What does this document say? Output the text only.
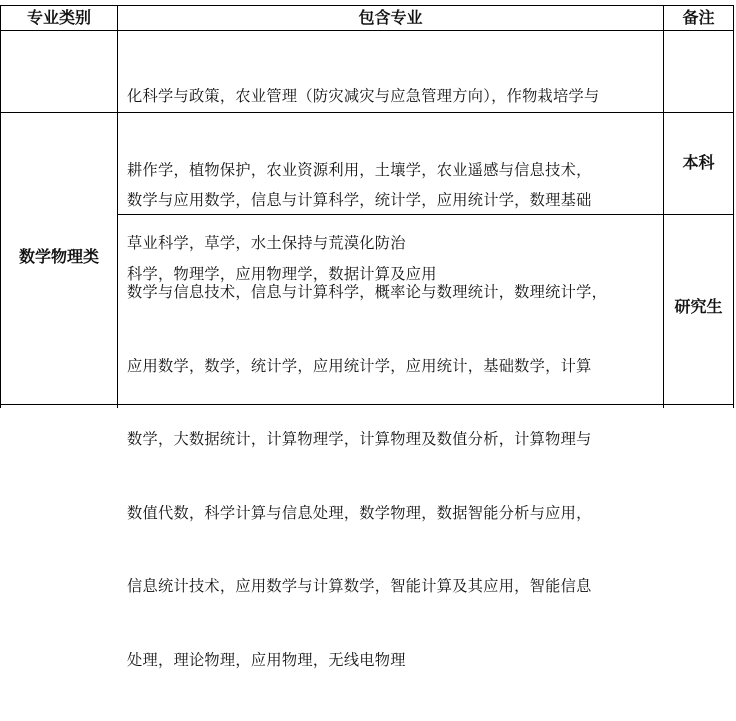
专业类别	包含专业	备注

化科学与政策，农业管理（防灾减灾与应急管理方向），作物栽培学与

耕作学，植物保护，农业资源利用，土壤学，农业遥感与信息技术，

草业科学，草学，水土保持与荒漠化防治

数学物理类

数学与应用数学，信息与计算科学，统计学，应用统计学，数理基础

科学，物理学，应用物理学，数据计算及应用

本科

数学与信息技术，信息与计算科学，概率论与数理统计，数理统计学，

应用数学，数学，统计学，应用统计学，应用统计，基础数学，计算

数学，大数据统计，计算物理学，计算物理及数值分析，计算物理与

数值代数，科学计算与信息处理，数学物理，数据智能分析与应用，

信息统计技术，应用数学与计算数学，智能计算及其应用，智能信息

处理，理论物理，应用物理，无线电物理

研究生
